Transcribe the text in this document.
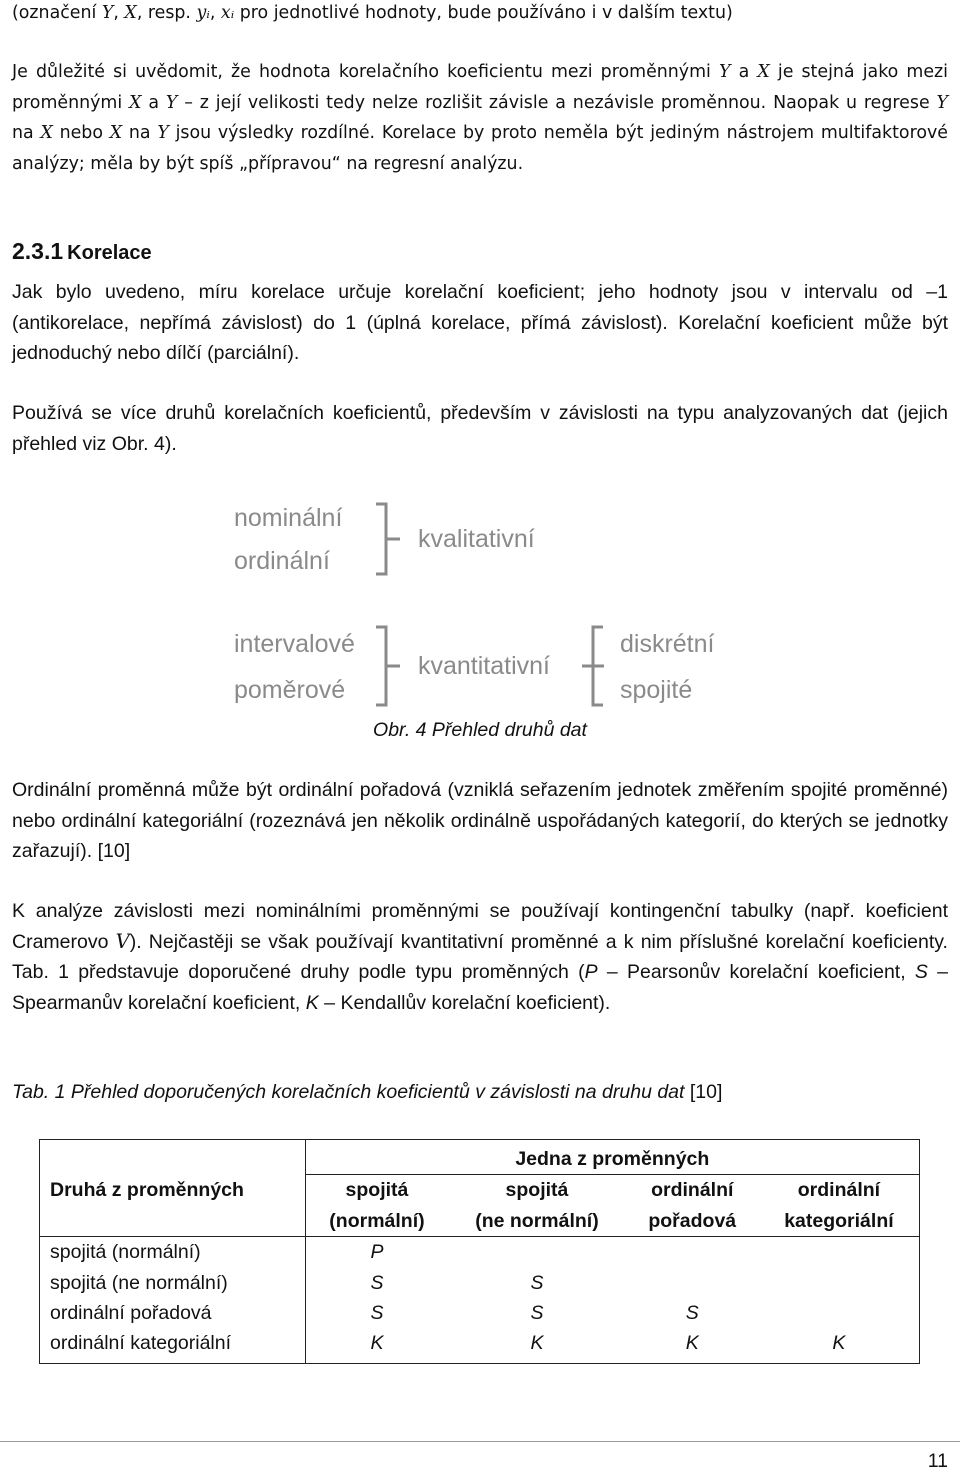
(označení Y, X, resp. yᵢ, xᵢ pro jednotlivé hodnoty, bude používáno i v dalším textu)

Je důležité si uvědomit, že hodnota korelačního koeficientu mezi proměnnými Y a X je stejná jako mezi proměnnými X a Y – z její velikosti tedy nelze rozlišit závisle a nezávisle proměnnou. Naopak u regrese Y na X nebo X na Y jsou výsledky rozdílné. Korelace by proto neměla být jediným nástrojem multifaktorové analýzy; měla by být spíš „přípravou“ na regresní analýzu.

2.3.1 Korelace

Jak bylo uvedeno, míru korelace určuje korelační koeficient; jeho hodnoty jsou v intervalu od –1 (antikorelace, nepřímá závislost) do 1 (úplná korelace, přímá závislost). Korelační koeficient může být jednoduchý nebo dílčí (parciální).

Používá se více druhů korelačních koeficientů, především v závislosti na typu analyzovaných dat (jejich přehled viz Obr. 4).

nominální
ordinální
kvalitativní
intervalové
poměrové
kvantitativní
diskrétní
spojité
Obr. 4 Přehled druhů dat

Ordinální proměnná může být ordinální pořadová (vzniklá seřazením jednotek změřením spojité proměnné) nebo ordinální kategoriální (rozeznává jen několik ordinálně uspořádaných kategorií, do kterých se jednotky zařazují). [10]

K analýze závislosti mezi nominálními proměnnými se používají kontingenční tabulky (např. koeficient Cramerovo V). Nejčastěji se však používají kvantitativní proměnné a k nim příslušné korelační koeficienty. Tab. 1 představuje doporučené druhy podle typu proměnných (P – Pearsonův korelační koeficient, S – Spearmanův korelační koeficient, K – Kendallův korelační koeficient).

Tab. 1 Přehled doporučených korelačních koeficientů v závislosti na druhu dat [10]
Druhá z proměnných	Jedna z proměnných			
	spojitá	spojitá	ordinální	ordinální
	(normální)	(ne normální)	pořadová	kategoriální
spojitá (normální)	P			
spojitá (ne normální)	S	S		
ordinální pořadová	S	S	S	
ordinální kategoriální	K	K	K	K
11
